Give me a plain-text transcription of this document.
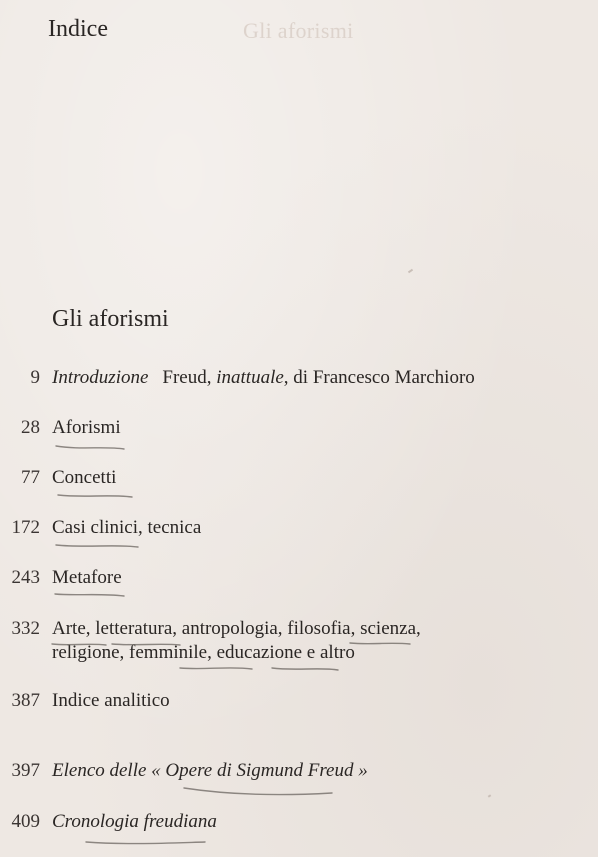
Gli aforismi
Indice
Gli aforismi
9 Introduzione Freud, inattuale, di Francesco Marchioro
28 Aforismi
77 Concetti
172 Casi clinici, tecnica
243 Metafore
332 Arte, letteratura, antropologia, filosofia, scienza,
religione, femminile, educazione e altro
387 Indice analitico
397 Elenco delle « Opere di Sigmund Freud »
409 Cronologia freudiana
